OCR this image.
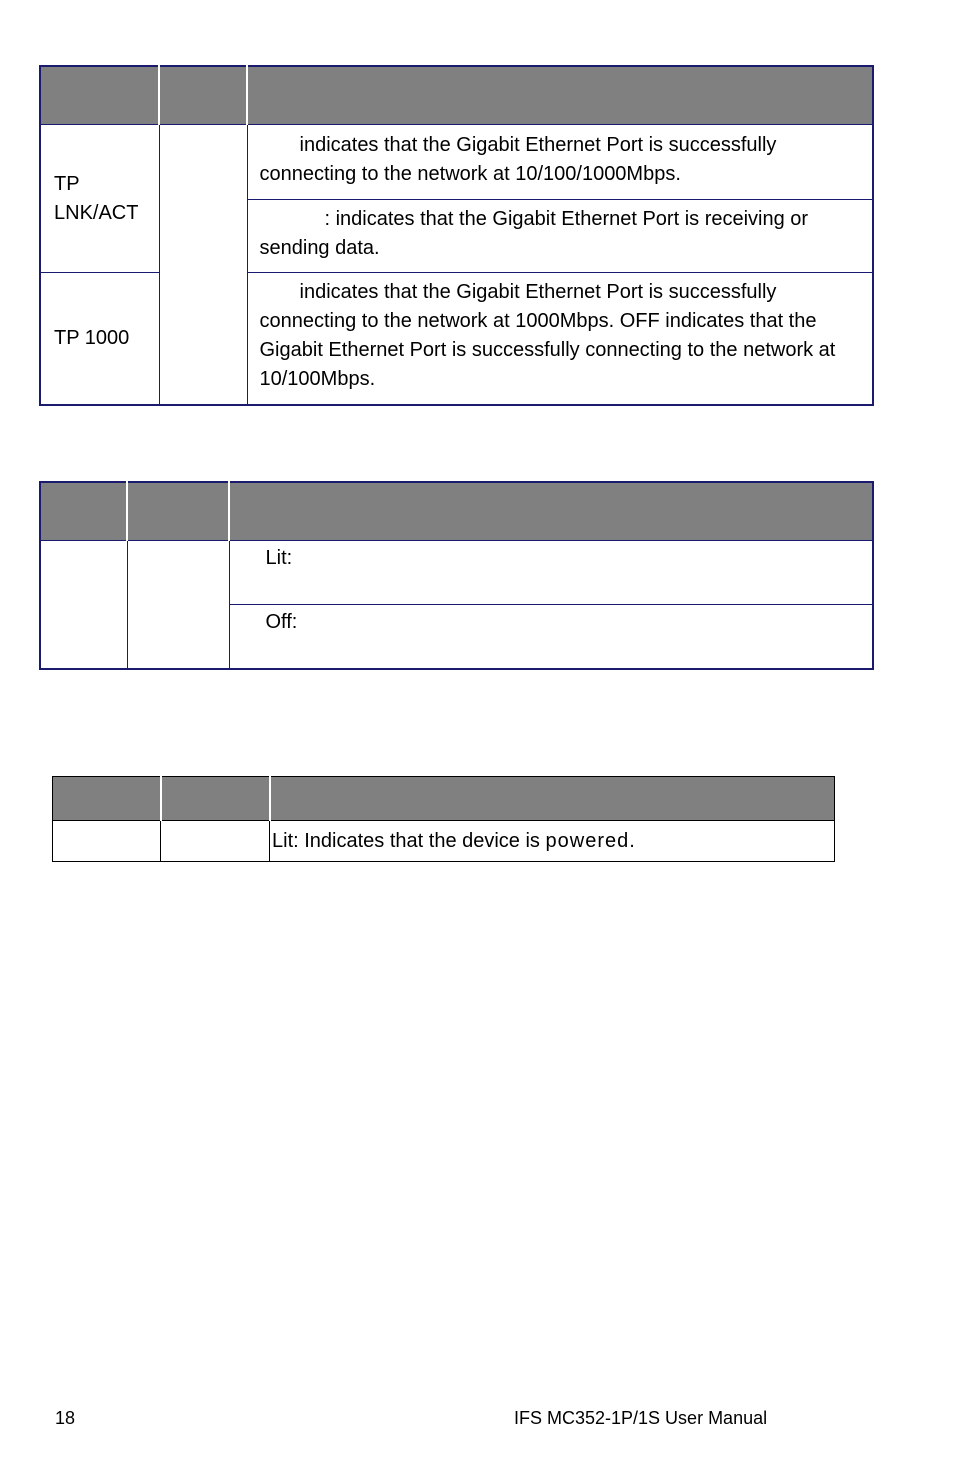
TP LNK/ACT		indicates that the Gigabit Ethernet Port is successfully connecting to the network at 10/100/1000Mbps.
		: indicates that the Gigabit Ethernet Port is receiving or sending data.
TP 1000		indicates that the Gigabit Ethernet Port is successfully connecting to the network at 1000Mbps. OFF indicates that the Gigabit Ethernet Port is successfully connecting to the network at 10/100Mbps.

		Lit:
		Off:

		Lit: Indicates that the device is powered.
18	IFS MC352-1P/1S User Manual
